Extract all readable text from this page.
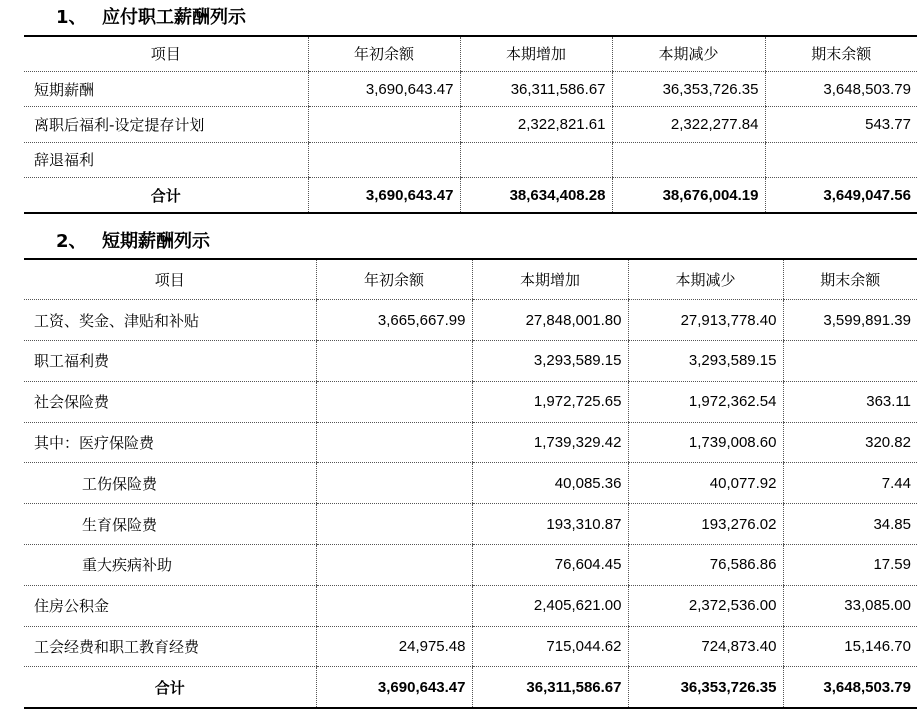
1、 应付职工薪酬列示
项目	年初余额	本期增加	本期减少	期末余额
短期薪酬	3,690,643.47	36,311,586.67	36,353,726.35	3,648,503.79
离职后福利-设定提存计划		2,322,821.61	2,322,277.84	543.77
辞退福利				
合计	3,690,643.47	38,634,408.28	38,676,004.19	3,649,047.56
2、 短期薪酬列示
项目	年初余额	本期增加	本期减少	期末余额
工资、奖金、津贴和补贴	3,665,667.99	27,848,001.80	27,913,778.40	3,599,891.39
职工福利费		3,293,589.15	3,293,589.15	
社会保险费		1,972,725.65	1,972,362.54	363.11
其中：医疗保险费		1,739,329.42	1,739,008.60	320.82
工伤保险费		40,085.36	40,077.92	7.44
生育保险费		193,310.87	193,276.02	34.85
重大疾病补助		76,604.45	76,586.86	17.59
住房公积金		2,405,621.00	2,372,536.00	33,085.00
工会经费和职工教育经费	24,975.48	715,044.62	724,873.40	15,146.70
合计	3,690,643.47	36,311,586.67	36,353,726.35	3,648,503.79
